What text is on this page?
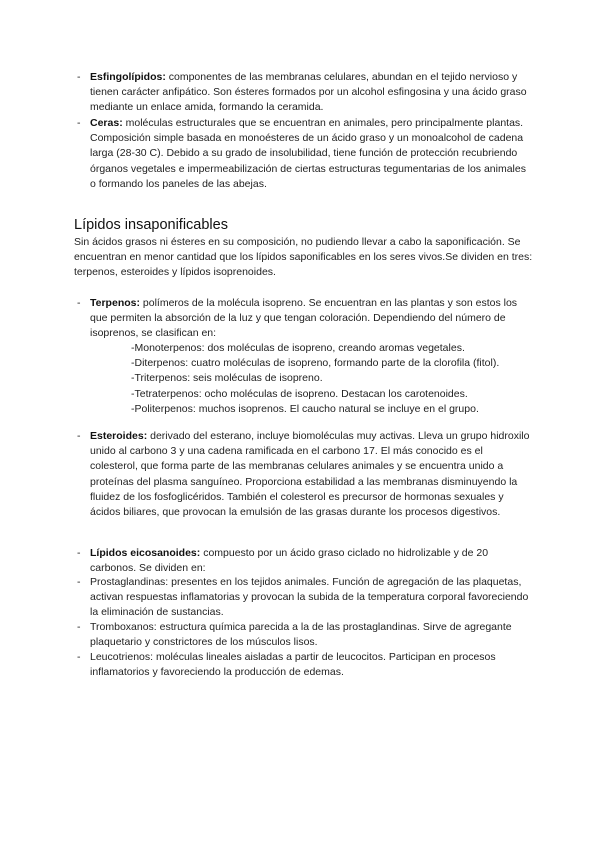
- Esfingolípidos: componentes de las membranas celulares, abundan en el tejido nervioso y tienen carácter anfipático. Son ésteres formados por un alcohol esfingosina y una ácido graso mediante un enlace amida, formando la ceramida.
- Ceras: moléculas estructurales que se encuentran en animales, pero principalmente plantas. Composición simple basada en monoésteres de un ácido graso y un monoalcohol de cadena larga (28-30 C). Debido a su grado de insolubilidad, tiene función de protección recubriendo órganos vegetales e impermeabilización de ciertas estructuras tegumentarias de los animales o formando los paneles de las abejas.
Lípidos insaponificables
Sin ácidos grasos ni ésteres en su composición, no pudiendo llevar a cabo la saponificación. Se encuentran en menor cantidad que los lípidos saponificables en los seres vivos.Se dividen en tres: terpenos, esteroides y lípidos isoprenoides.
- Terpenos: polímeros de la molécula isopreno. Se encuentran en las plantas y son estos los que permiten la absorción de la luz y que tengan coloración. Dependiendo del número de isoprenos, se clasifican en:
-Monoterpenos: dos moléculas de isopreno, creando aromas vegetales.
-Diterpenos: cuatro moléculas de isopreno, formando parte de la clorofila (fitol).
-Triterpenos: seis moléculas de isopreno.
-Tetraterpenos: ocho moléculas de isopreno. Destacan los carotenoides.
-Politerpenos: muchos isoprenos. El caucho natural se incluye en el grupo.
- Esteroides: derivado del esterano, incluye biomoléculas muy activas. Lleva un grupo hidroxilo unido al carbono 3 y una cadena ramificada en el carbono 17. El más conocido es el colesterol, que forma parte de las membranas celulares animales y se encuentra unido a proteínas del plasma sanguíneo. Proporciona estabilidad a las membranas disminuyendo la fluidez de los fosfoglicéridos. También el colesterol es precursor de hormonas sexuales y ácidos biliares, que provocan la emulsión de las grasas durante los procesos digestivos.
- Lípidos eicosanoides: compuesto por un ácido graso ciclado no hidrolizable y de 20 carbonos. Se dividen en:
- Prostaglandinas: presentes en los tejidos animales. Función de agregación de las plaquetas, activan respuestas inflamatorias y provocan la subida de la temperatura corporal favoreciendo la eliminación de sustancias.
- Tromboxanos: estructura química parecida a la de las prostaglandinas. Sirve de agregante plaquetario y constrictores de los músculos lisos.
- Leucotrienos: moléculas lineales aisladas a partir de leucocitos. Participan en procesos inflamatorios y favoreciendo la producción de edemas.
